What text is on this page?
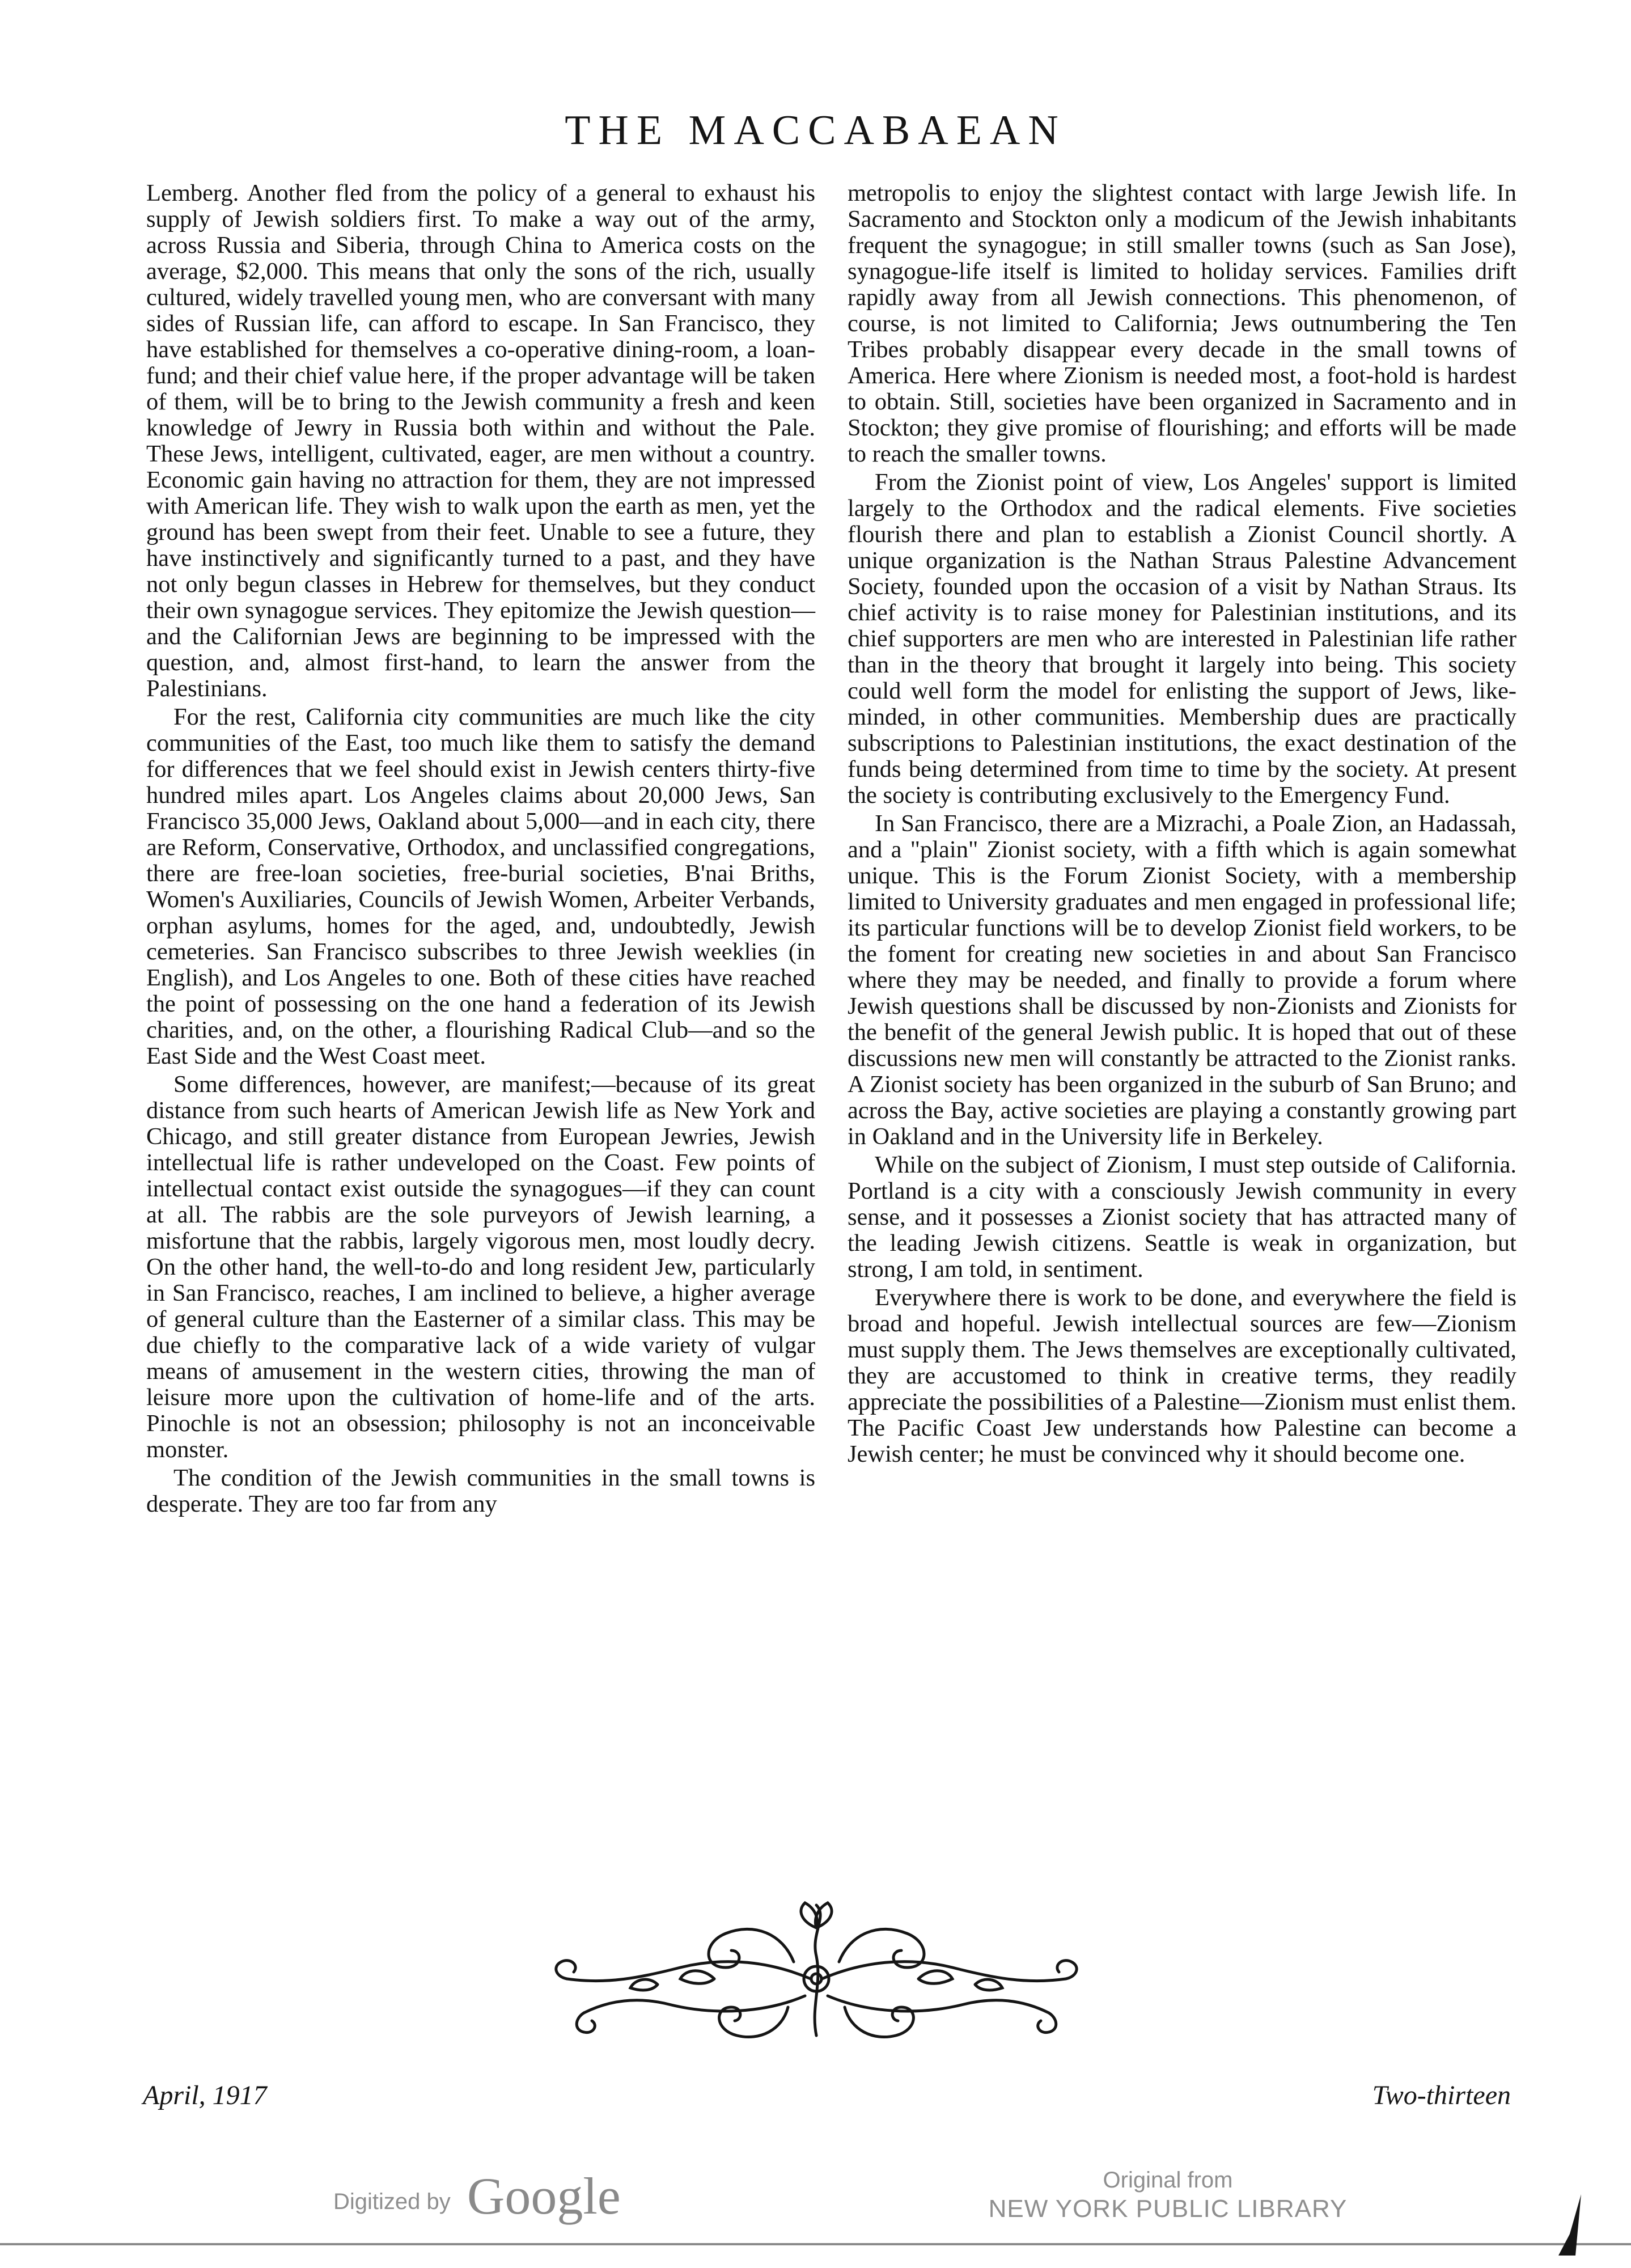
THE MACCABAEAN

Lemberg. Another fled from the policy of a general to exhaust his supply of Jewish soldiers first. To make a way out of the army, across Russia and Siberia, through China to America costs on the average, $2,000. This means that only the sons of the rich, usually cultured, widely travelled young men, who are conversant with many sides of Russian life, can afford to escape. In San Francisco, they have established for themselves a co-operative dining-room, a loan-fund; and their chief value here, if the proper advantage will be taken of them, will be to bring to the Jewish community a fresh and keen knowledge of Jewry in Russia both within and without the Pale. These Jews, intelligent, cultivated, eager, are men without a country. Economic gain having no attraction for them, they are not impressed with American life. They wish to walk upon the earth as men, yet the ground has been swept from their feet. Unable to see a future, they have instinctively and significantly turned to a past, and they have not only begun classes in Hebrew for themselves, but they conduct their own synagogue services. They epitomize the Jewish question—and the Californian Jews are beginning to be impressed with the question, and, almost first-hand, to learn the answer from the Palestinians.

For the rest, California city communities are much like the city communities of the East, too much like them to satisfy the demand for differences that we feel should exist in Jewish centers thirty-five hundred miles apart. Los Angeles claims about 20,000 Jews, San Francisco 35,000 Jews, Oakland about 5,000—and in each city, there are Reform, Conservative, Orthodox, and unclassified congregations, there are free-loan societies, free-burial societies, B'nai Briths, Women's Auxiliaries, Councils of Jewish Women, Arbeiter Verbands, orphan asylums, homes for the aged, and, undoubtedly, Jewish cemeteries. San Francisco subscribes to three Jewish weeklies (in English), and Los Angeles to one. Both of these cities have reached the point of possessing on the one hand a federation of its Jewish charities, and, on the other, a flourishing Radical Club—and so the East Side and the West Coast meet.

Some differences, however, are manifest;—because of its great distance from such hearts of American Jewish life as New York and Chicago, and still greater distance from European Jewries, Jewish intellectual life is rather undeveloped on the Coast. Few points of intellectual contact exist outside the synagogues—if they can count at all. The rabbis are the sole purveyors of Jewish learning, a misfortune that the rabbis, largely vigorous men, most loudly decry. On the other hand, the well-to-do and long resident Jew, particularly in San Francisco, reaches, I am inclined to believe, a higher average of general culture than the Easterner of a similar class. This may be due chiefly to the comparative lack of a wide variety of vulgar means of amusement in the western cities, throwing the man of leisure more upon the cultivation of home-life and of the arts. Pinochle is not an obsession; philosophy is not an inconceivable monster.

The condition of the Jewish communities in the small towns is desperate. They are too far from any

metropolis to enjoy the slightest contact with large Jewish life. In Sacramento and Stockton only a modicum of the Jewish inhabitants frequent the synagogue; in still smaller towns (such as San Jose), synagogue-life itself is limited to holiday services. Families drift rapidly away from all Jewish connections. This phenomenon, of course, is not limited to California; Jews outnumbering the Ten Tribes probably disappear every decade in the small towns of America. Here where Zionism is needed most, a foot-hold is hardest to obtain. Still, societies have been organized in Sacramento and in Stockton; they give promise of flourishing; and efforts will be made to reach the smaller towns.

From the Zionist point of view, Los Angeles' support is limited largely to the Orthodox and the radical elements. Five societies flourish there and plan to establish a Zionist Council shortly. A unique organization is the Nathan Straus Palestine Advancement Society, founded upon the occasion of a visit by Nathan Straus. Its chief activity is to raise money for Palestinian institutions, and its chief supporters are men who are interested in Palestinian life rather than in the theory that brought it largely into being. This society could well form the model for enlisting the support of Jews, like-minded, in other communities. Membership dues are practically subscriptions to Palestinian institutions, the exact destination of the funds being determined from time to time by the society. At present the society is contributing exclusively to the Emergency Fund.

In San Francisco, there are a Mizrachi, a Poale Zion, an Hadassah, and a "plain" Zionist society, with a fifth which is again somewhat unique. This is the Forum Zionist Society, with a membership limited to University graduates and men engaged in professional life; its particular functions will be to develop Zionist field workers, to be the foment for creating new societies in and about San Francisco where they may be needed, and finally to provide a forum where Jewish questions shall be discussed by non-Zionists and Zionists for the benefit of the general Jewish public. It is hoped that out of these discussions new men will constantly be attracted to the Zionist ranks. A Zionist society has been organized in the suburb of San Bruno; and across the Bay, active societies are playing a constantly growing part in Oakland and in the University life in Berkeley.

While on the subject of Zionism, I must step outside of California. Portland is a city with a consciously Jewish community in every sense, and it possesses a Zionist society that has attracted many of the leading Jewish citizens. Seattle is weak in organization, but strong, I am told, in sentiment.

Everywhere there is work to be done, and everywhere the field is broad and hopeful. Jewish intellectual sources are few—Zionism must supply them. The Jews themselves are exceptionally cultivated, they are accustomed to think in creative terms, they readily appreciate the possibilities of a Palestine—Zionism must enlist them. The Pacific Coast Jew understands how Palestine can become a Jewish center; he must be convinced why it should become one.

April, 1917	Two-thirteen
Digitized by Google	Original from
NEW YORK PUBLIC LIBRARY
